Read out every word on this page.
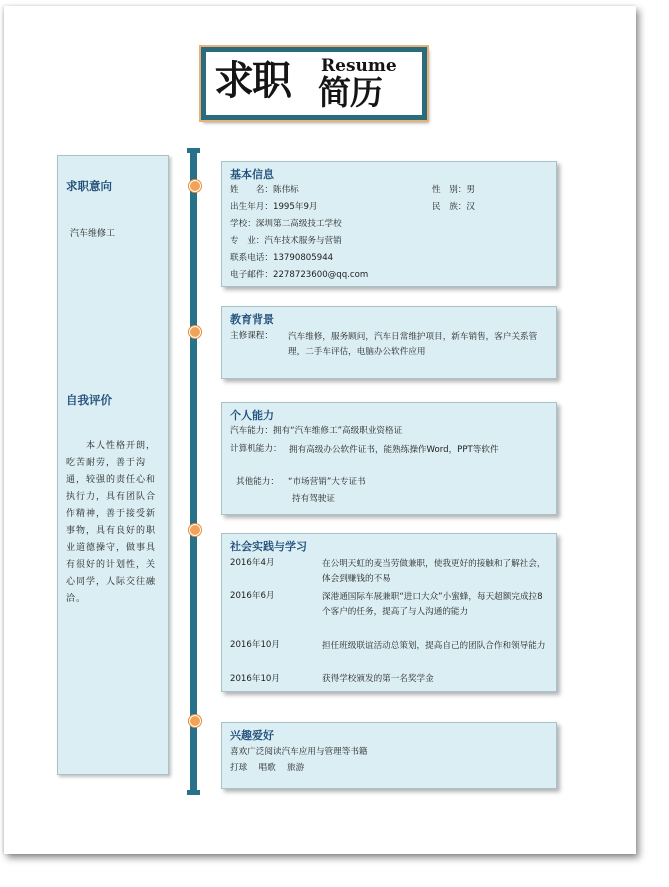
求职 Resume
简历
求职意向
汽车维修工
自我评价
本人性格开朗，吃苦耐劳，善于沟通，较强的责任心和执行力，具有团队合作精神，善于接受新事物，具有良好的职业道德操守，做事具有很好的计划性，关心同学，人际交往融洽。
基本信息
姓　　名：陈伟标	性　别：男
出生年月：1995年9月	民　族：汉
学校：深圳第二高级技工学校
专　业：汽车技术服务与营销
联系电话：13790805944
电子邮件：2278723600@qq.com
教育背景
主修课程： 汽车维修，服务顾问，汽车日常维护项目，新车销售，客户关系管理，二手车评估，电脑办公软件应用
个人能力
汽车能力：拥有“汽车维修工”高级职业资格证
计算机能力： 拥有高级办公软件证书，能熟练操作Word，PPT等软件
其他能力： “市场营销”大专证书
持有驾驶证
社会实践与学习
2016年4月	在公明天虹的麦当劳做兼职，使我更好的接触和了解社会，体会到赚钱的不易
2016年6月	深港通国际车展兼职“进口大众”小蜜蜂，每天超额完成拉8个客户的任务，提高了与人沟通的能力
2016年10月	担任班级联谊活动总策划，提高自己的团队合作和领导能力
2016年10月	获得学校颁发的第一名奖学金
兴趣爱好
喜欢广泛阅读汽车应用与管理等书籍
打球　 唱歌　 旅游
